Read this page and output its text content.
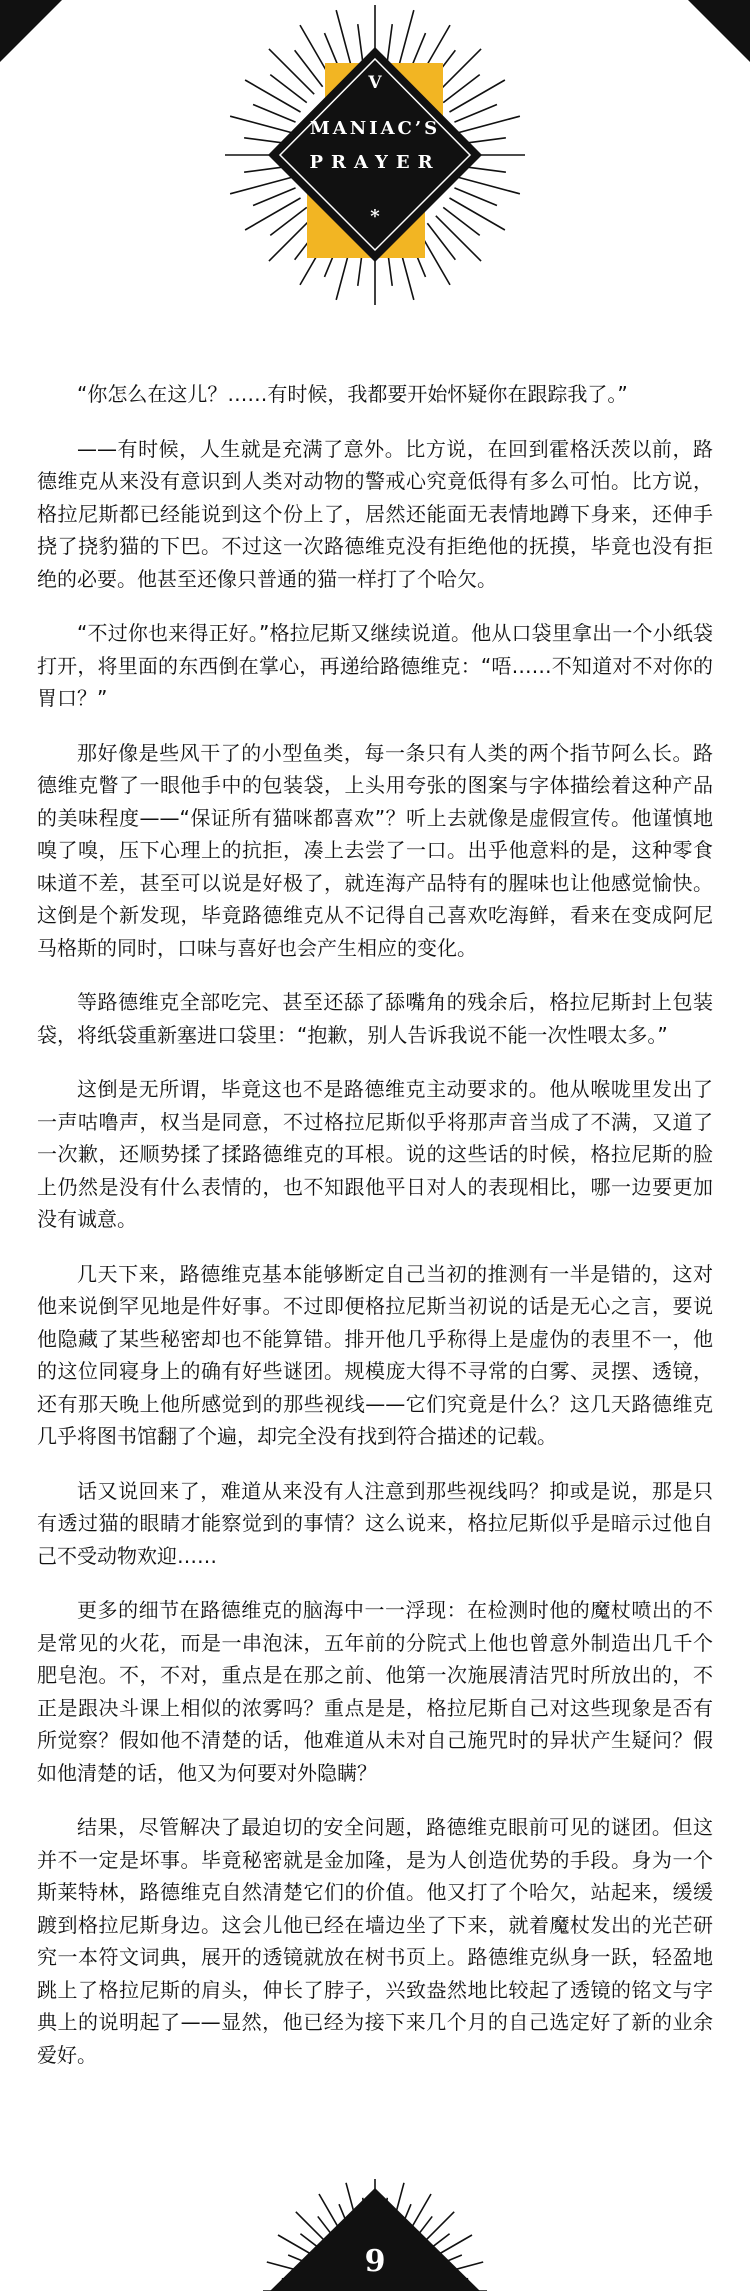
V
MANIAC’S
PRAYER
*

“你怎么在这儿？……有时候，我都要开始怀疑你在跟踪我了。”

——有时候，人生就是充满了意外。比方说，在回到霍格沃茨以前，路德维克从来没有意识到人类对动物的警戒心究竟低得有多么可怕。比方说，格拉尼斯都已经能说到这个份上了，居然还能面无表情地蹲下身来，还伸手挠了挠豹猫的下巴。不过这一次路德维克没有拒绝他的抚摸，毕竟也没有拒绝的必要。他甚至还像只普通的猫一样打了个哈欠。

“不过你也来得正好。”格拉尼斯又继续说道。他从口袋里拿出一个小纸袋打开，将里面的东西倒在掌心，再递给路德维克：“唔……不知道对不对你的胃口？”

那好像是些风干了的小型鱼类，每一条只有人类的两个指节阿么长。路德维克瞥了一眼他手中的包装袋，上头用夸张的图案与字体描绘着这种产品的美味程度——“保证所有猫咪都喜欢”？听上去就像是虚假宣传。他谨慎地嗅了嗅，压下心理上的抗拒，凑上去尝了一口。出乎他意料的是，这种零食味道不差，甚至可以说是好极了，就连海产品特有的腥味也让他感觉愉快。这倒是个新发现，毕竟路德维克从不记得自己喜欢吃海鲜，看来在变成阿尼马格斯的同时，口味与喜好也会产生相应的变化。

等路德维克全部吃完、甚至还舔了舔嘴角的残余后，格拉尼斯封上包装袋，将纸袋重新塞进口袋里：“抱歉，别人告诉我说不能一次性喂太多。”

这倒是无所谓，毕竟这也不是路德维克主动要求的。他从喉咙里发出了一声咕噜声，权当是同意，不过格拉尼斯似乎将那声音当成了不满，又道了一次歉，还顺势揉了揉路德维克的耳根。说的这些话的时候，格拉尼斯的脸上仍然是没有什么表情的，也不知跟他平日对人的表现相比，哪一边要更加没有诚意。

几天下来，路德维克基本能够断定自己当初的推测有一半是错的，这对他来说倒罕见地是件好事。不过即便格拉尼斯当初说的话是无心之言，要说他隐藏了某些秘密却也不能算错。排开他几乎称得上是虚伪的表里不一，他的这位同寝身上的确有好些谜团。规模庞大得不寻常的白雾、灵摆、透镜，还有那天晚上他所感觉到的那些视线——它们究竟是什么？这几天路德维克几乎将图书馆翻了个遍，却完全没有找到符合描述的记载。

话又说回来了，难道从来没有人注意到那些视线吗？抑或是说，那是只有透过猫的眼睛才能察觉到的事情？这么说来，格拉尼斯似乎是暗示过他自己不受动物欢迎……

更多的细节在路德维克的脑海中一一浮现：在检测时他的魔杖喷出的不是常见的火花，而是一串泡沫，五年前的分院式上他也曾意外制造出几千个肥皂泡。不，不对，重点是在那之前、他第一次施展清洁咒时所放出的，不正是跟决斗课上相似的浓雾吗？重点是是，格拉尼斯自己对这些现象是否有所觉察？假如他不清楚的话，他难道从未对自己施咒时的异状产生疑问？假如他清楚的话，他又为何要对外隐瞒？

结果，尽管解决了最迫切的安全问题，路德维克眼前可见的谜团。但这并不一定是坏事。毕竟秘密就是金加隆，是为人创造优势的手段。身为一个斯莱特林，路德维克自然清楚它们的价值。他又打了个哈欠，站起来，缓缓踱到格拉尼斯身边。这会儿他已经在墙边坐了下来，就着魔杖发出的光芒研究一本符文词典，展开的透镜就放在树书页上。路德维克纵身一跃，轻盈地跳上了格拉尼斯的肩头，伸长了脖子，兴致盎然地比较起了透镜的铭文与字典上的说明起了——显然，他已经为接下来几个月的自己选定好了新的业余爱好。

9
